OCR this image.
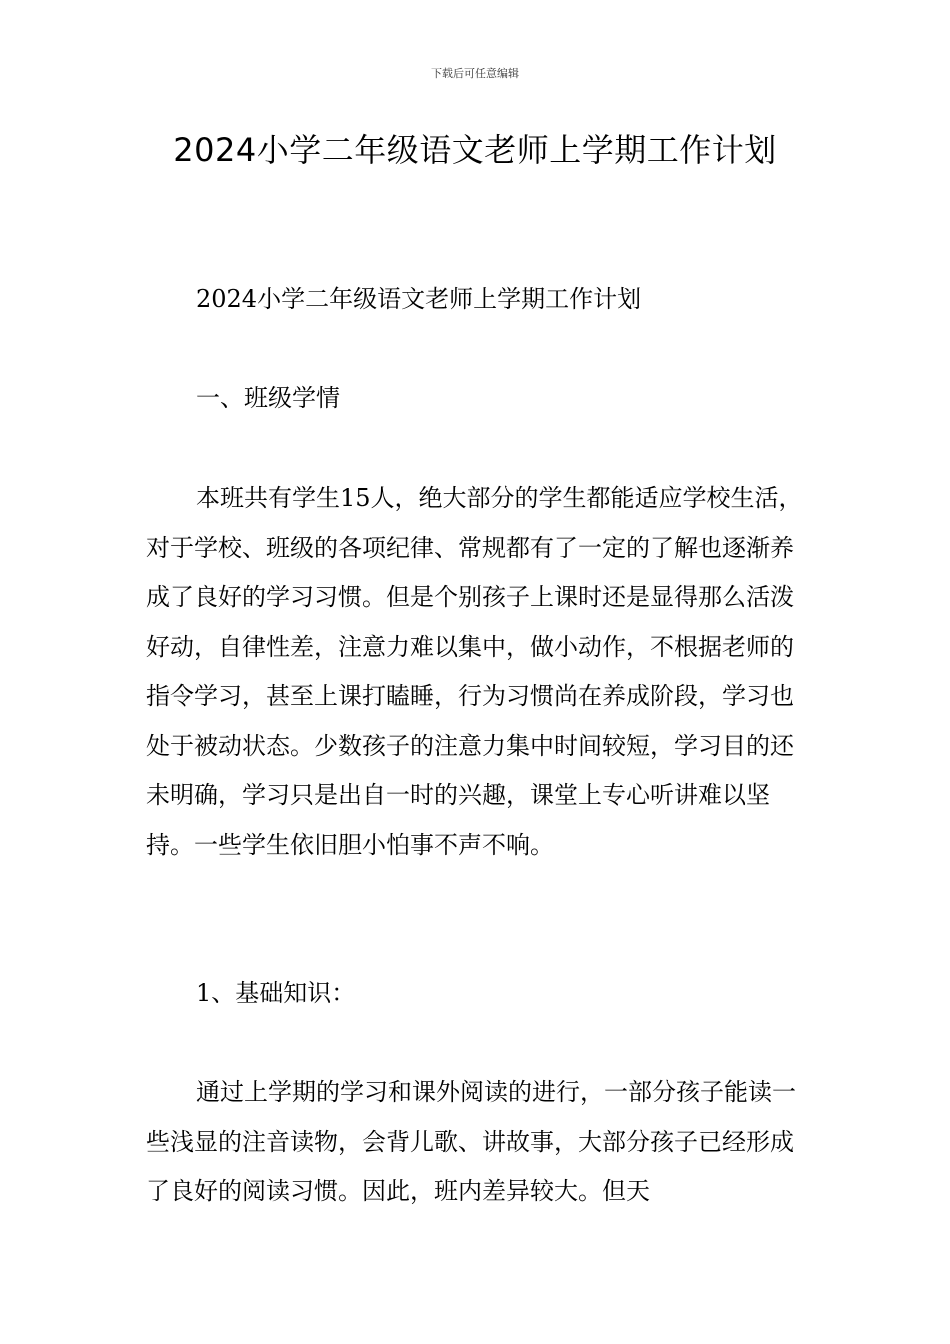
下载后可任意编辑
2024小学二年级语文老师上学期工作计划

2024小学二年级语文老师上学期工作计划

一、班级学情

本班共有学生15人，绝大部分的学生都能适应学校生活，对于学校、班级的各项纪律、常规都有了一定的了解也逐渐养成了良好的学习习惯。但是个别孩子上课时还是显得那么活泼好动，自律性差，注意力难以集中，做小动作，不根据老师的指令学习，甚至上课打瞌睡，行为习惯尚在养成阶段，学习也处于被动状态。少数孩子的注意力集中时间较短，学习目的还未明确，学习只是出自一时的兴趣，课堂上专心听讲难以坚持。一些学生依旧胆小怕事不声不响。

1、基础知识：

通过上学期的学习和课外阅读的进行，一部分孩子能读一些浅显的注音读物，会背儿歌、讲故事，大部分孩子已经形成了良好的阅读习惯。因此，班内差异较大。但天
